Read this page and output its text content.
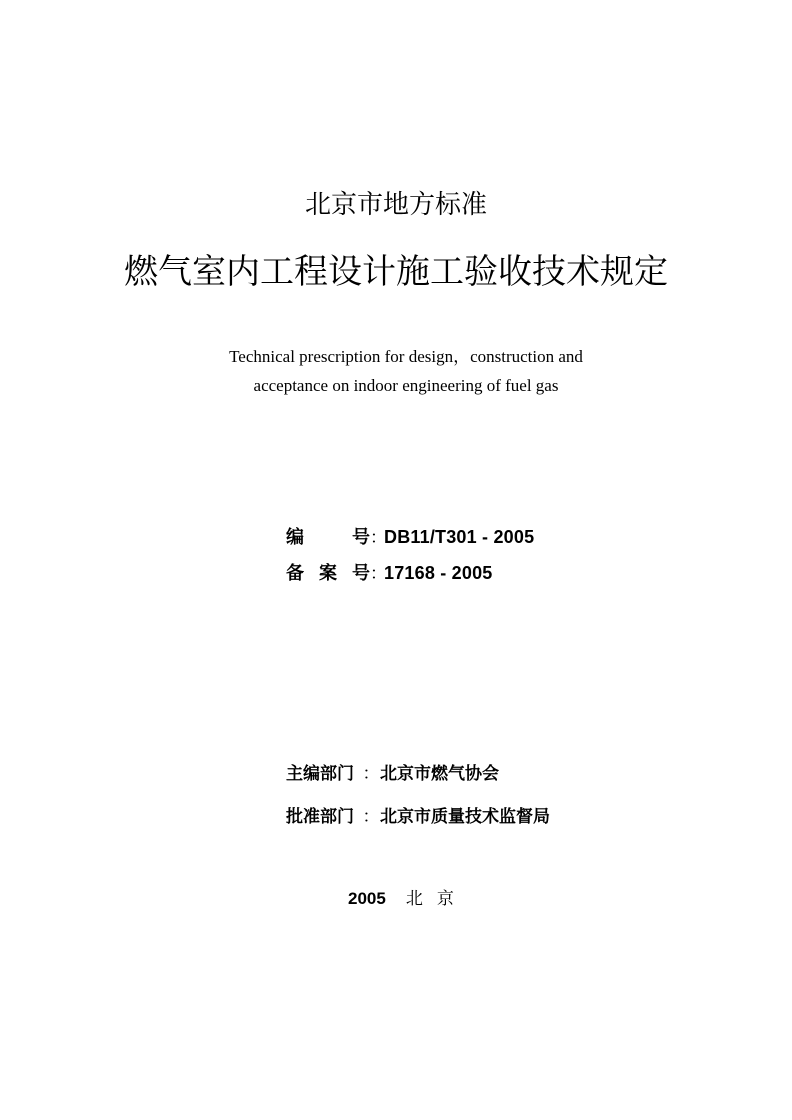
北京市地方标准
燃气室内工程设计施工验收技术规定
Technical prescription for design，construction and
acceptance on indoor engineering of fuel gas
编	号 ：
DB11/T301 - 2005
备 案 号 ：
17168 - 2005
主编部门 ：北京市燃气协会
批准部门 ：北京市质量技术监督局
2005 北京
